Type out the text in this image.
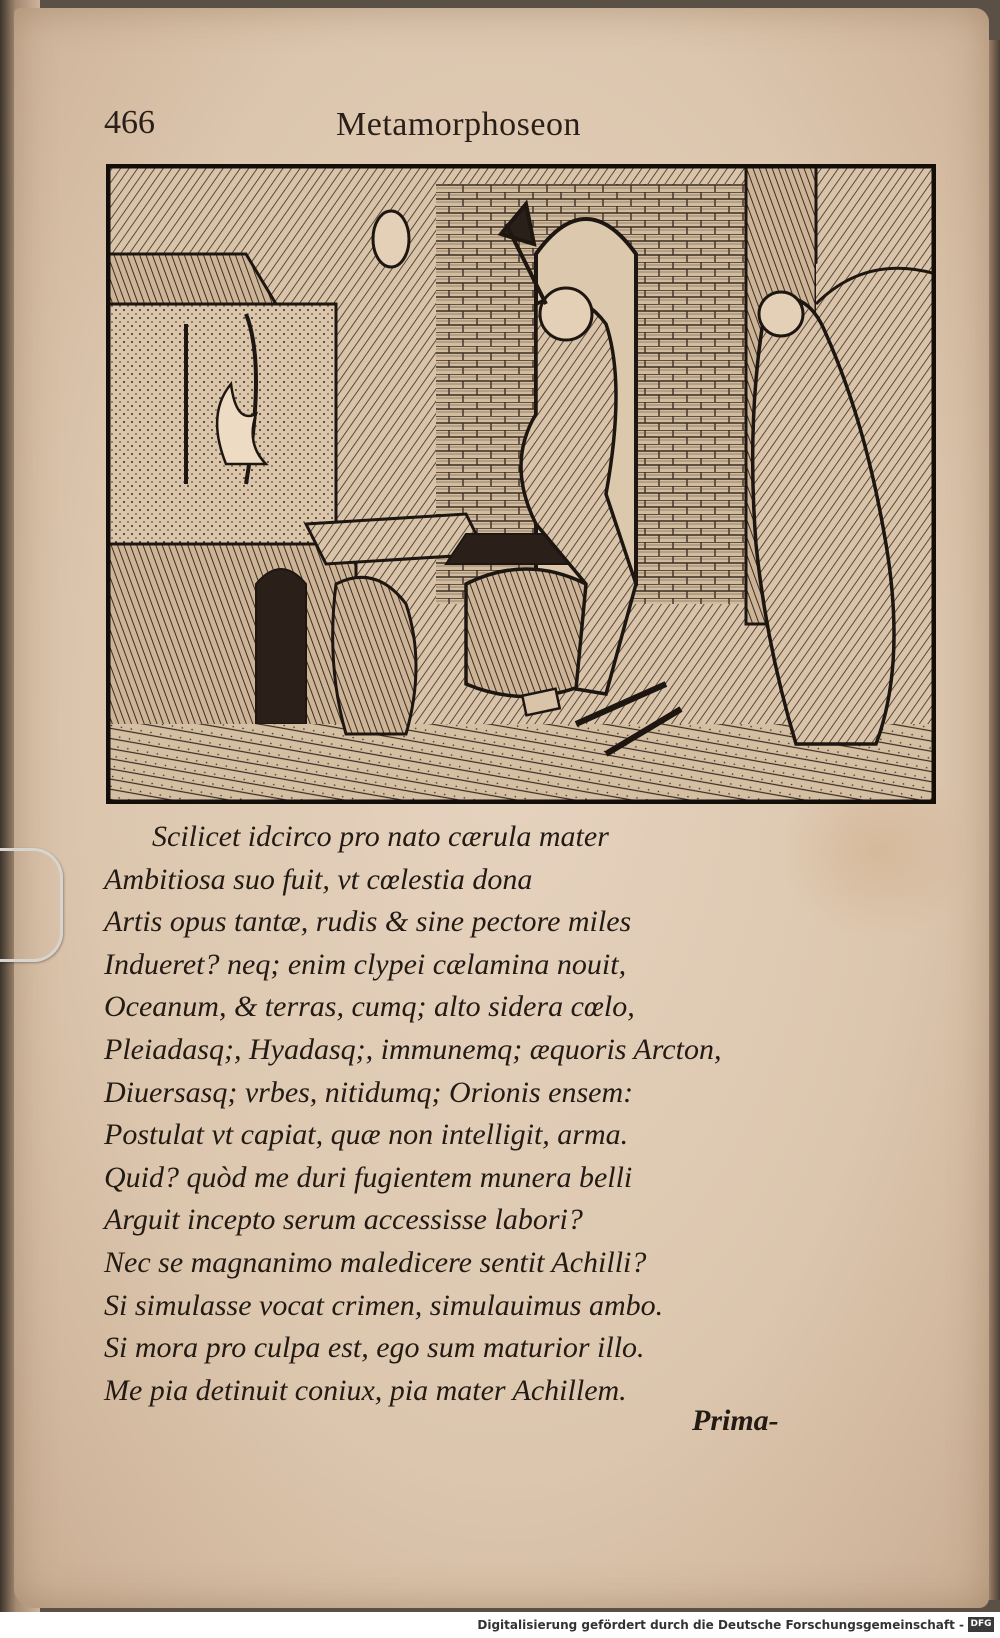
466	Metamorphoseon
Scilicet idcirco pro nato cærula mater
Ambitiosa suo fuit, vt cœlestia dona
Artis opus tantæ, rudis & sine pectore miles
Indueret? neq; enim clypei cælamina nouit,
Oceanum, & terras, cumq; alto sidera cœlo,
Pleiadasq;, Hyadasq;, immunemq; æquoris Arcton,
Diuersasq; vrbes, nitidumq; Orionis ensem:
Postulat vt capiat, quæ non intelligit, arma.
Quid? quòd me duri fugientem munera belli
Arguit incepto serum accessisse labori?
Nec se magnanimo maledicere sentit Achilli?
Si simulasse vocat crimen, simulauimus ambo.
Si mora pro culpa est, ego sum maturior illo.
Me pia detinuit coniux, pia mater Achillem.
Prima-
Digitalisierung gefördert durch die Deutsche Forschungsgemeinschaft - DFG
